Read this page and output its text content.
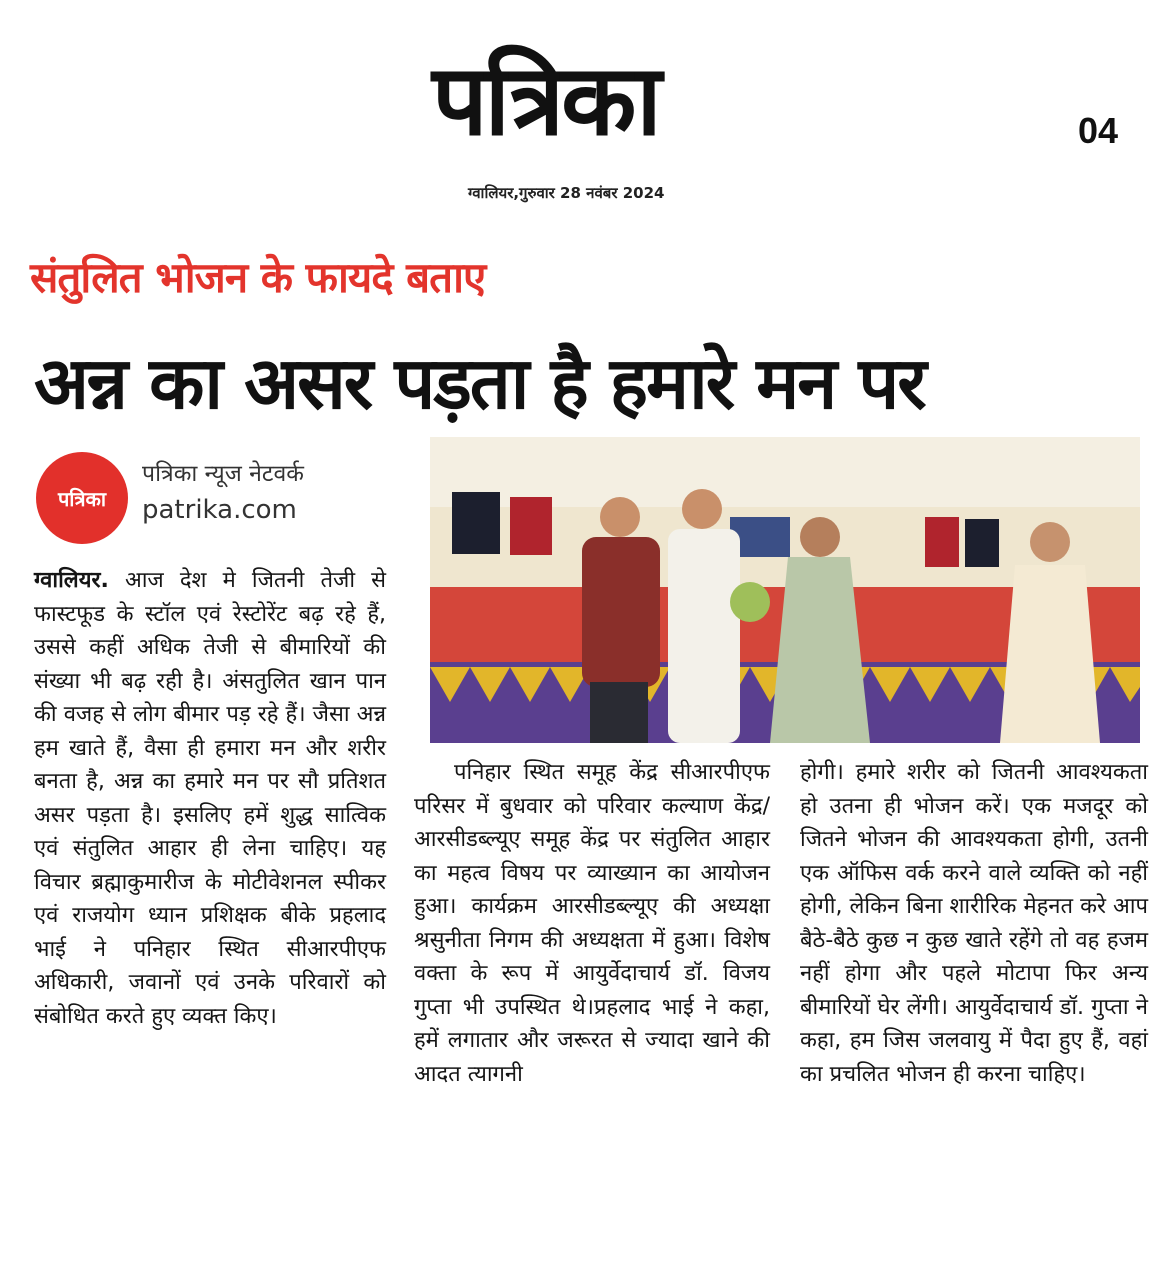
पत्रिका	04
ग्वालियर,गुरुवार 28 नवंबर 2024
संतुलित भोजन के फायदे बताए
अन्न का असर पड़ता है हमारे मन पर
पत्रिका
पत्रिका न्यूज नेटवर्क
patrika.com
ग्वालियर. आज देश मे जितनी तेजी से फास्टफूड के स्टॉल एवं रेस्टोरेंट बढ़ रहे हैं, उससे कहीं अधिक तेजी से बीमारियों की संख्या भी बढ़ रही है। अंसतुलित खान पान की वजह से लोग बीमार पड़ रहे हैं। जैसा अन्न हम खाते हैं, वैसा ही हमारा मन और शरीर बनता है, अन्न का हमारे मन पर सौ प्रतिशत असर पड़ता है। इसलिए हमें शुद्ध सात्विक एवं संतुलित आहार ही लेना चाहिए। यह विचार ब्रह्माकुमारीज के मोटीवेशनल स्पीकर एवं राजयोग ध्यान प्रशिक्षक बीके प्रहलाद भाई ने पनिहार स्थित सीआरपीएफ अधिकारी, जवानों एवं उनके परिवारों को संबोधित करते हुए व्यक्त किए।
पनिहार स्थित समूह केंद्र सीआरपीएफ परिसर में बुधवार को परिवार कल्याण केंद्र/ आरसीडब्ल्यूए समूह केंद्र पर संतुलित आहार का महत्व विषय पर व्याख्यान का आयोजन हुआ। कार्यक्रम आरसीडब्ल्यूए की अध्यक्षा श्रसुनीता निगम की अध्यक्षता में हुआ। विशेष वक्ता के रूप में आयुर्वेदाचार्य डॉ. विजय गुप्ता भी उपस्थित थे।प्रहलाद भाई ने कहा, हमें लगातार और जरूरत से ज्यादा खाने की आदत त्यागनी
होगी। हमारे शरीर को जितनी आवश्यकता हो उतना ही भोजन करें। एक मजदूर को जितने भोजन की आवश्यकता होगी, उतनी एक ऑफिस वर्क करने वाले व्यक्ति को नहीं होगी, लेकिन बिना शारीरिक मेहनत करे आप बैठे-बैठे कुछ न कुछ खाते रहेंगे तो वह हजम नहीं होगा और पहले मोटापा फिर अन्य बीमारियों घेर लेंगी। आयुर्वेदाचार्य डॉ. गुप्ता ने कहा, हम जिस जलवायु में पैदा हुए हैं, वहां का प्रचलित भोजन ही करना चाहिए।
